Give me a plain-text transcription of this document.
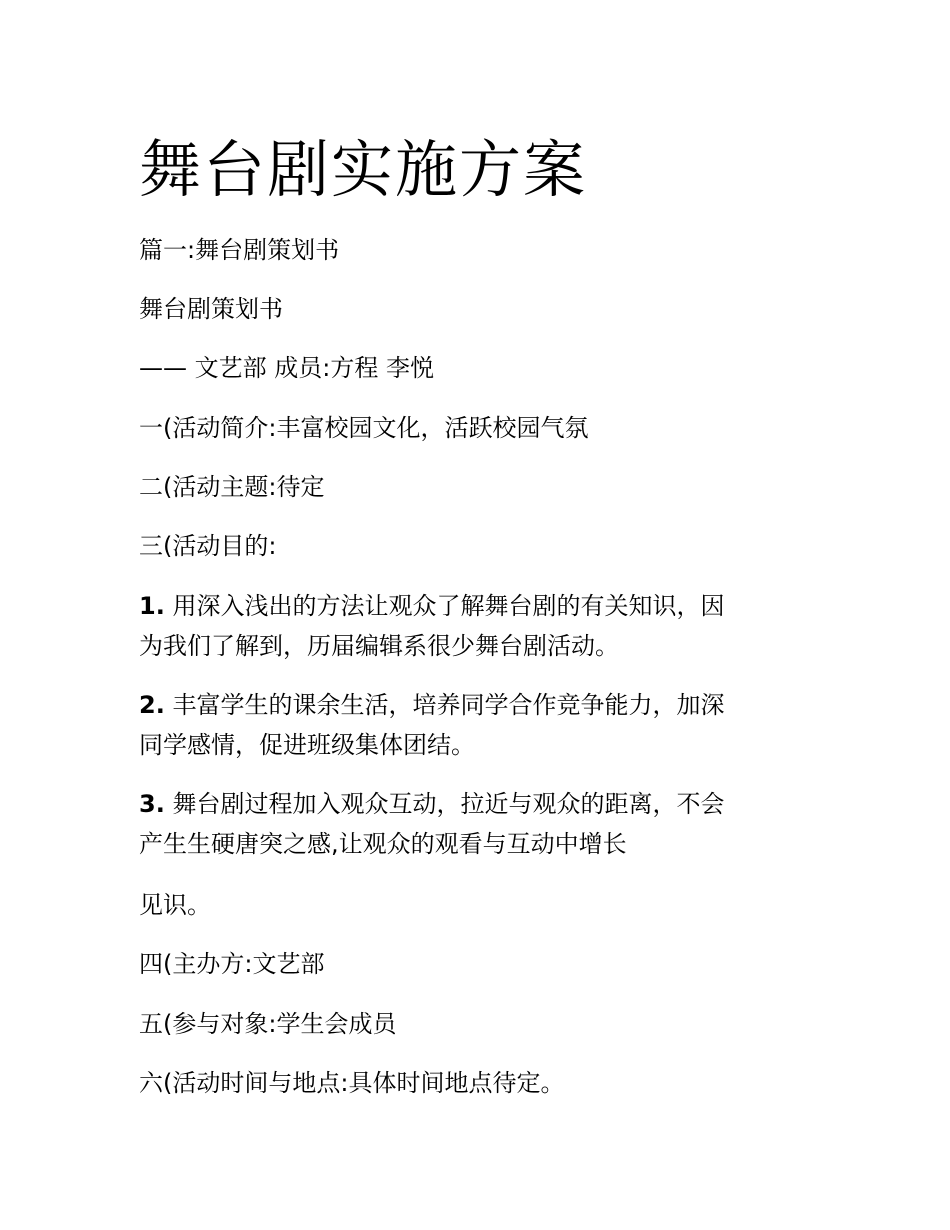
舞台剧实施方案
篇一:舞台剧策划书
舞台剧策划书
—— 文艺部 成员:方程 李悦
一(活动简介:丰富校园文化，活跃校园气氛
二(活动主题:待定
三(活动目的:
1. 用深入浅出的方法让观众了解舞台剧的有关知识，因
为我们了解到，历届编辑系很少舞台剧活动。
2. 丰富学生的课余生活，培养同学合作竞争能力，加深
同学感情，促进班级集体团结。
3. 舞台剧过程加入观众互动，拉近与观众的距离，不会
产生生硬唐突之感,让观众的观看与互动中增长
见识。
四(主办方:文艺部
五(参与对象:学生会成员
六(活动时间与地点:具体时间地点待定。
